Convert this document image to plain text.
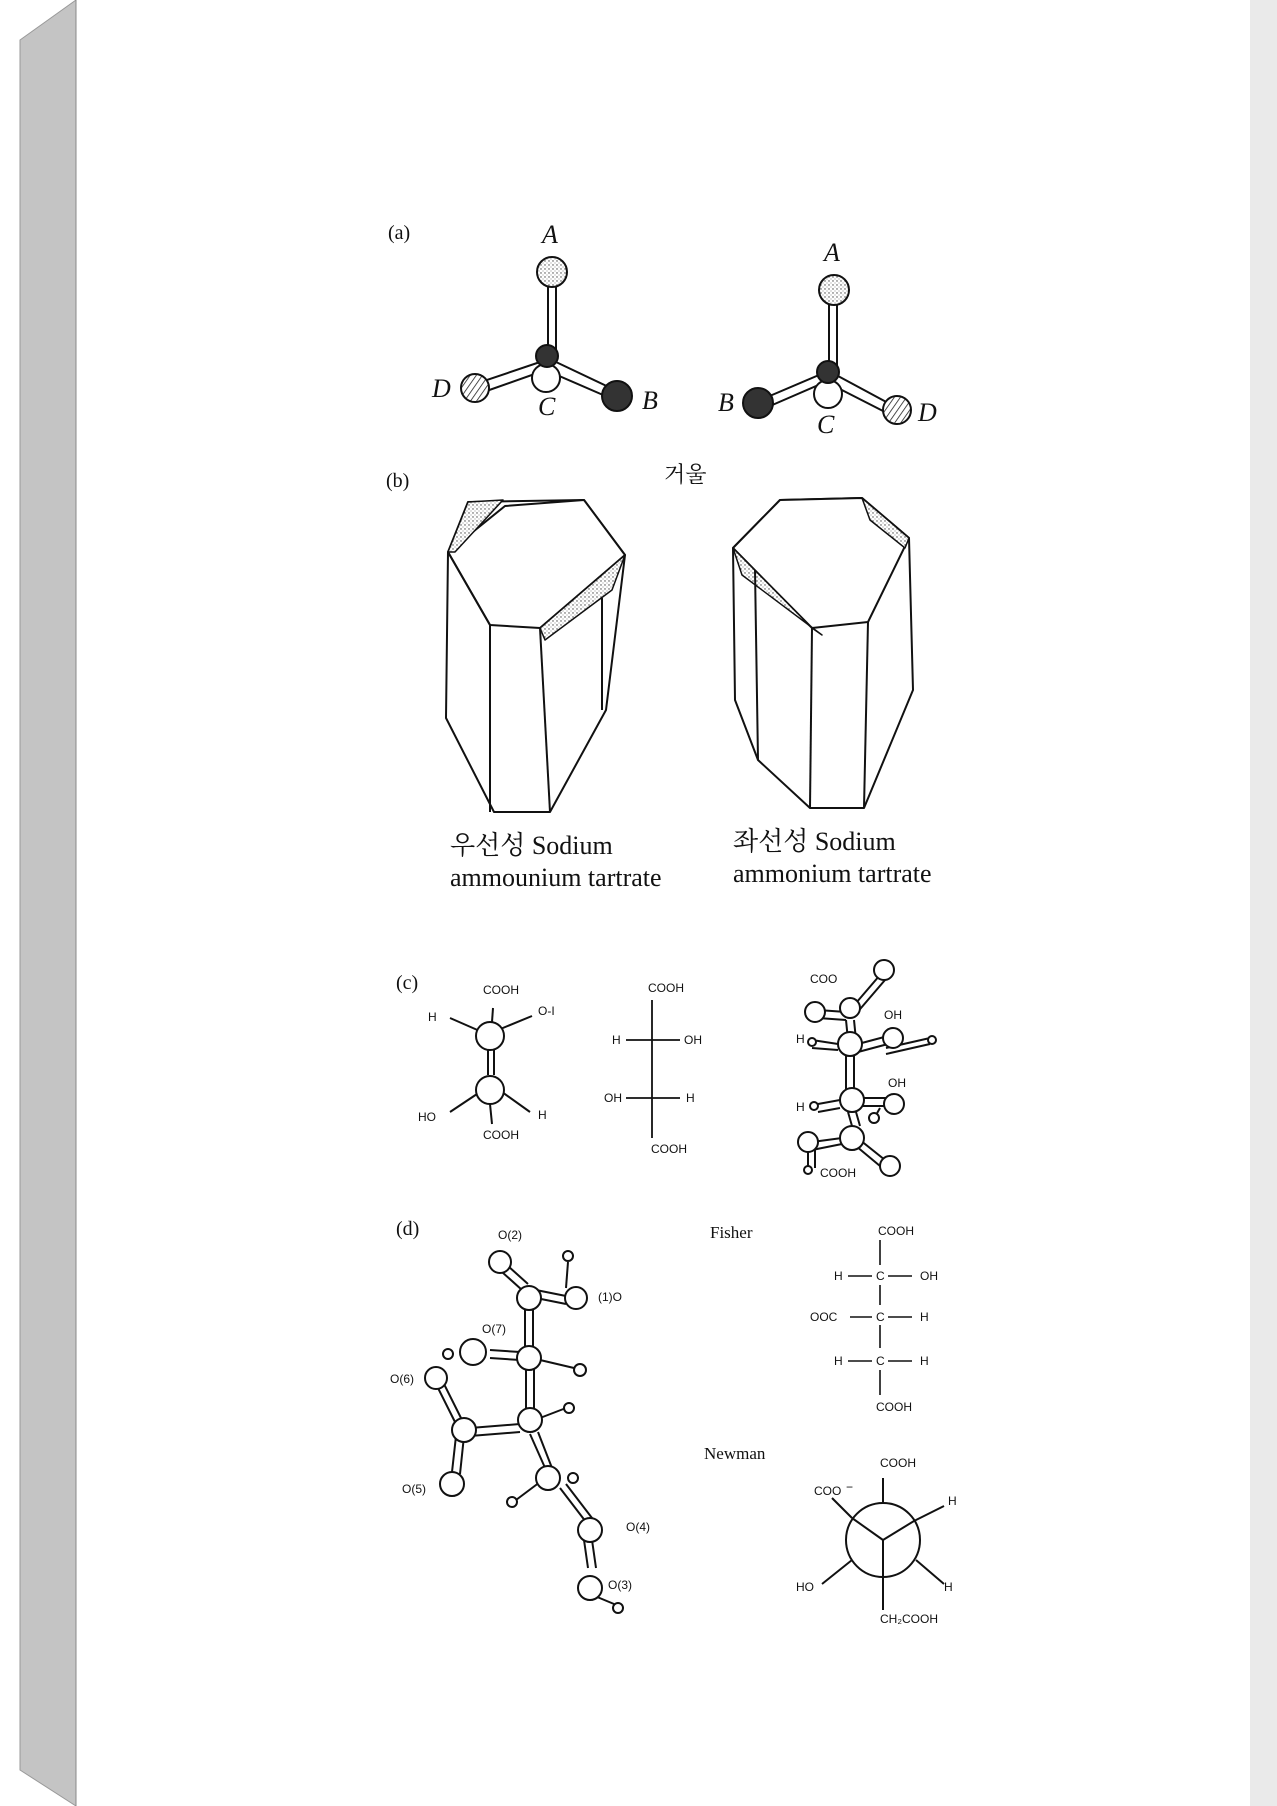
(a)	A
D
C	B
A
B
C	D
(b)	거울
우선성 Sodium
ammounium tartrate
좌선성 Sodium
ammonium tartrate
(c)	COOH
O-I
H
HO	H
COOH
COOH
H	OH
OH	H
COOH
COO
OH
H
OH
H
COOH
(d)	O(2)
(1)O
O(7)
O(6)
O(5)
O(4)
O(3)
Fisher	COOH
H	C	OH
OOC	C	H
H	C	H
COOH
Newman	COOH
COO −
H
HO	H
CH₂COOH
